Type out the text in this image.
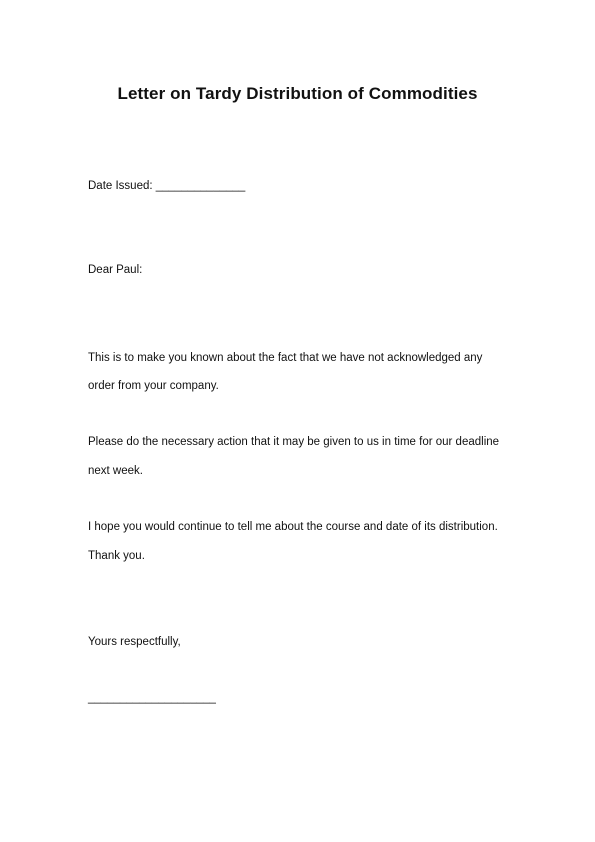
Letter on Tardy Distribution of Commodities

Date Issued: ______________

Dear Paul:

This is to make you known about the fact that we have not acknowledged any

order from your company.

Please do the necessary action that it may be given to us in time for our deadline

next week.

I hope you would continue to tell me about the course and date of its distribution.

Thank you.

Yours respectfully,

____________________
